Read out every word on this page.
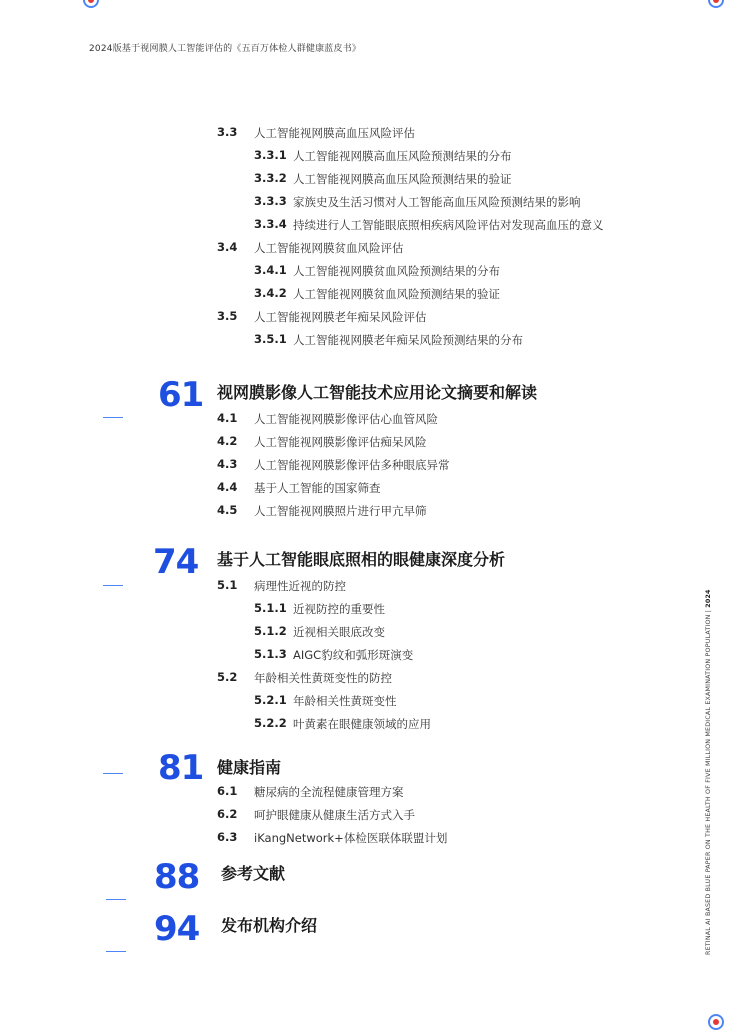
2024版基于视网膜人工智能评估的《五百万体检人群健康蓝皮书》
3.3 人工智能视网膜高血压风险评估
3.3.1 人工智能视网膜高血压风险预测结果的分布
3.3.2 人工智能视网膜高血压风险预测结果的验证
3.3.3 家族史及生活习惯对人工智能高血压风险预测结果的影响
3.3.4 持续进行人工智能眼底照相疾病风险评估对发现高血压的意义
3.4 人工智能视网膜贫血风险评估
3.4.1 人工智能视网膜贫血风险预测结果的分布
3.4.2 人工智能视网膜贫血风险预测结果的验证
3.5 人工智能视网膜老年痴呆风险评估
3.5.1 人工智能视网膜老年痴呆风险预测结果的分布
61 视网膜影像人工智能技术应用论文摘要和解读
4.1 人工智能视网膜影像评估心血管风险
4.2 人工智能视网膜影像评估痴呆风险
4.3 人工智能视网膜影像评估多种眼底异常
4.4 基于人工智能的国家筛查
4.5 人工智能视网膜照片进行甲亢早筛
74 基于人工智能眼底照相的眼健康深度分析
5.1 病理性近视的防控
5.1.1 近视防控的重要性
5.1.2 近视相关眼底改变
5.1.3 AIGC豹纹和弧形斑演变
5.2 年龄相关性黄斑变性的防控
5.2.1 年龄相关性黄斑变性
5.2.2 叶黄素在眼健康领域的应用
81 健康指南
6.1 糖尿病的全流程健康管理方案
6.2 呵护眼健康从健康生活方式入手
6.3 iKangNetwork+体检医联体联盟计划
88 参考文献
94 发布机构介绍	RETINAL AI BASED BLUE PAPER ON THE HEALTH OF FIVE MILLION MEDICAL EXAMINATION POPULATION | 2024
